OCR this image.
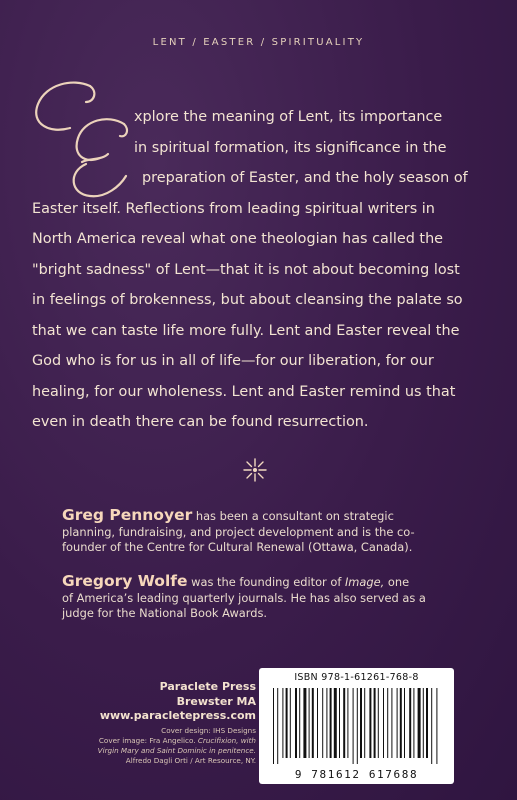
LENT / EASTER / SPIRITUALITY
xplore the meaning of Lent, its importance
in spiritual formation, its significance in the
preparation of Easter, and the holy season of
Easter itself. Reflections from leading spiritual writers in
North America reveal what one theologian has called the
"bright sadness" of Lent—that it is not about becoming lost
in feelings of brokenness, but about cleansing the palate so
that we can taste life more fully. Lent and Easter reveal the
God who is for us in all of life—for our liberation, for our
healing, for our wholeness. Lent and Easter remind us that
even in death there can be found resurrection.
Greg Pennoyer has been a consultant on strategic
planning, fundraising, and project development and is the co-
founder of the Centre for Cultural Renewal (Ottawa, Canada).
Gregory Wolfe was the founding editor of Image, one
of America’s leading quarterly journals. He has also served as a
judge for the National Book Awards.
Paraclete Press
Brewster MA
www.paracletepress.com
Cover design: IHS Designs
Cover image: Fra Angelico. Crucifixion, with
Virgin Mary and Saint Dominic in penitence.
Alfredo Dagli Orti / Art Resource, NY.
ISBN 978-1-61261-768-8
9 781612 617688
